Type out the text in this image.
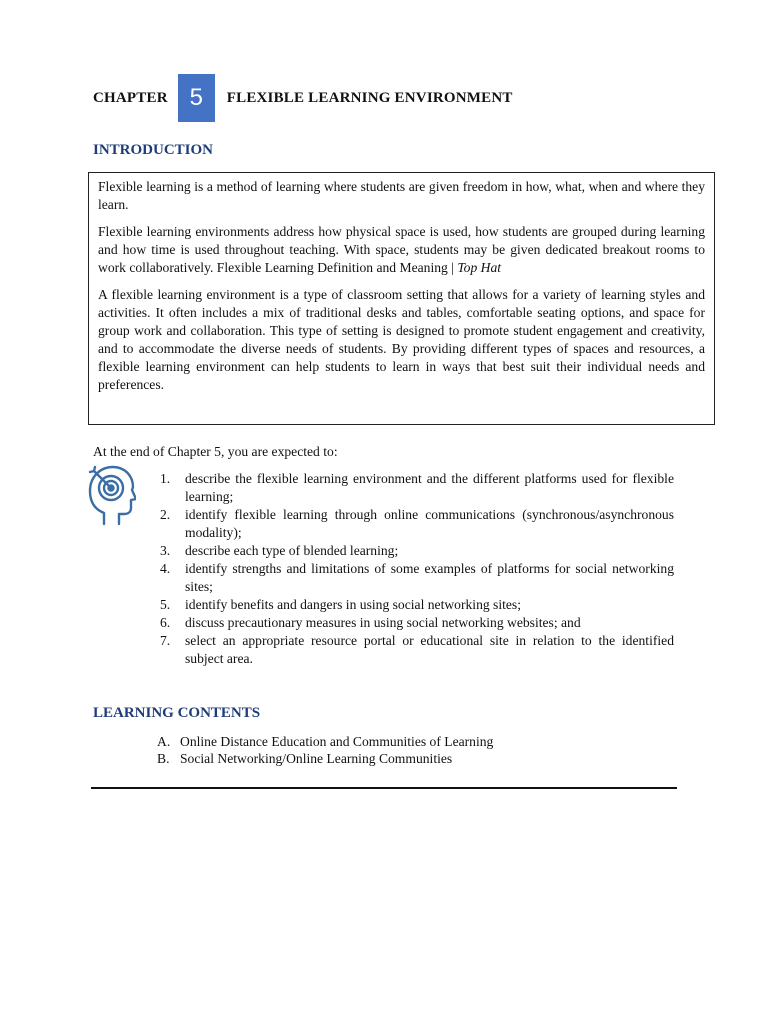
CHAPTER 5	FLEXIBLE LEARNING ENVIRONMENT
INTRODUCTION

Flexible learning is a method of learning where students are given freedom in how, what, when and where they learn.

Flexible learning environments address how physical space is used, how students are grouped during learning and how time is used throughout teaching. With space, students may be given dedicated breakout rooms to work collaboratively. Flexible Learning Definition and Meaning | Top Hat

A flexible learning environment is a type of classroom setting that allows for a variety of learning styles and activities. It often includes a mix of traditional desks and tables, comfortable seating options, and space for group work and collaboration. This type of setting is designed to promote student engagement and creativity, and to accommodate the diverse needs of students. By providing different types of spaces and resources, a flexible learning environment can help students to learn in ways that best suit their individual needs and preferences.

At the end of Chapter 5, you are expected to:
1. describe the flexible learning environment and the different platforms used for flexible learning;
2. identify flexible learning through online communications (synchronous/asynchronous modality);
3. describe each type of blended learning;
4. identify strengths and limitations of some examples of platforms for social networking sites;
5. identify benefits and dangers in using social networking sites;
6. discuss precautionary measures in using social networking websites; and
7. select an appropriate resource portal or educational site in relation to the identified subject area.
LEARNING CONTENTS
A. Online Distance Education and Communities of Learning
B. Social Networking/Online Learning Communities
